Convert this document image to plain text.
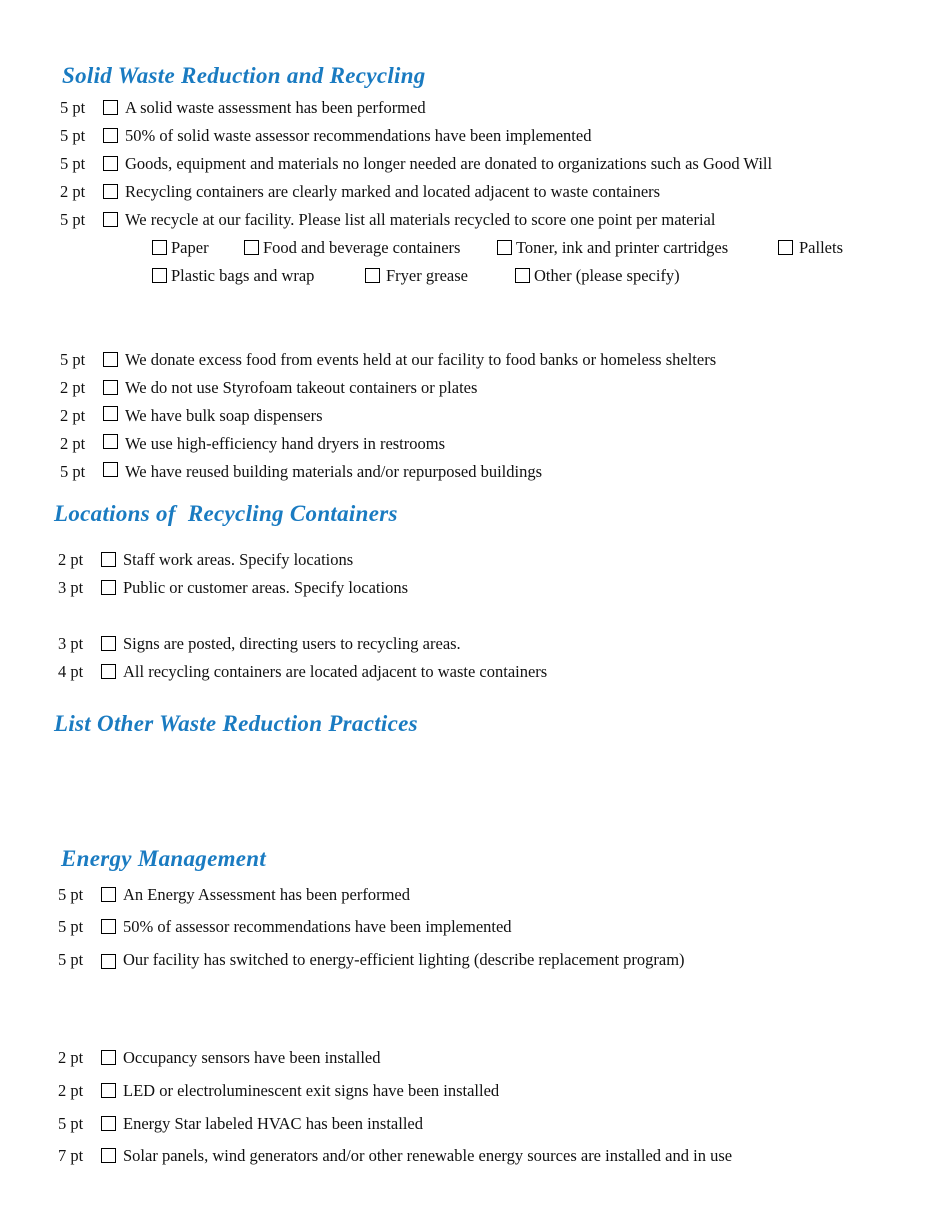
Solid Waste Reduction and Recycling
5 pt A solid waste assessment has been performed
5 pt 50% of solid waste assessor recommendations have been implemented
5 pt Goods, equipment and materials no longer needed are donated to organizations such as Good Will
2 pt Recycling containers are clearly marked and located adjacent to waste containers
5 pt We recycle at our facility. Please list all materials recycled to score one point per material
Paper	Food and beverage containers	Toner, ink and printer cartridges	Pallets
Plastic bags and wrap	Fryer grease	Other (please specify)
5 pt We donate excess food from events held at our facility to food banks or homeless shelters
2 pt We do not use Styrofoam takeout containers or plates
2 pt We have bulk soap dispensers
2 pt We use high-efficiency hand dryers in restrooms
5 pt We have reused building materials and/or repurposed buildings
Locations of  Recycling Containers
2 pt Staff work areas. Specify locations
3 pt Public or customer areas. Specify locations
3 pt Signs are posted, directing users to recycling areas.
4 pt All recycling containers are located adjacent to waste containers
List Other Waste Reduction Practices
Energy Management
5 pt An Energy Assessment has been performed
5 pt 50% of assessor recommendations have been implemented
5 pt Our facility has switched to energy-efficient lighting (describe replacement program)
2 pt Occupancy sensors have been installed
2 pt LED or electroluminescent exit signs have been installed
5 pt Energy Star labeled HVAC has been installed
7 pt Solar panels, wind generators and/or other renewable energy sources are installed and in use
